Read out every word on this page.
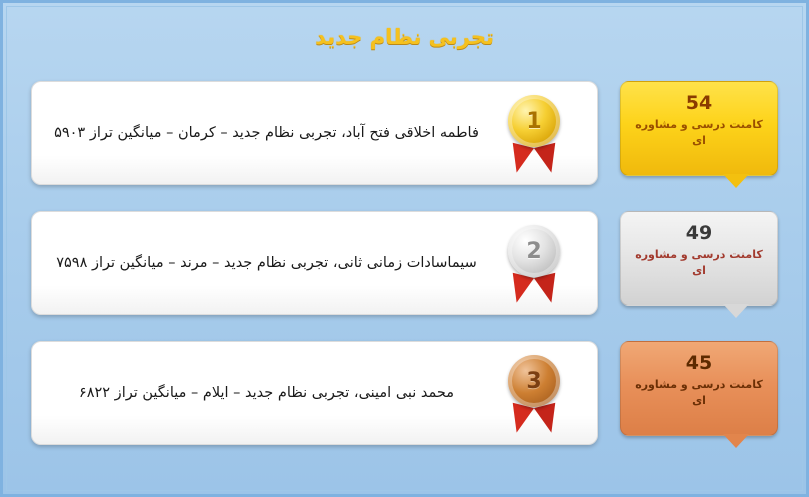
تجربی نظام جدید
54
کامنت درسی و مشاوره ای
1
فاطمه اخلاقی فتح آباد، تجربی نظام جدید – کرمان – میانگین تراز ۵۹۰۳
49
کامنت درسی و مشاوره ای
2
سیماسادات زمانی ثانی، تجربی نظام جدید – مرند – میانگین تراز ۷۵۹۸
45
کامنت درسی و مشاوره ای
3
محمد نبی امینی، تجربی نظام جدید – ایلام – میانگین تراز ۶۸۲۲
